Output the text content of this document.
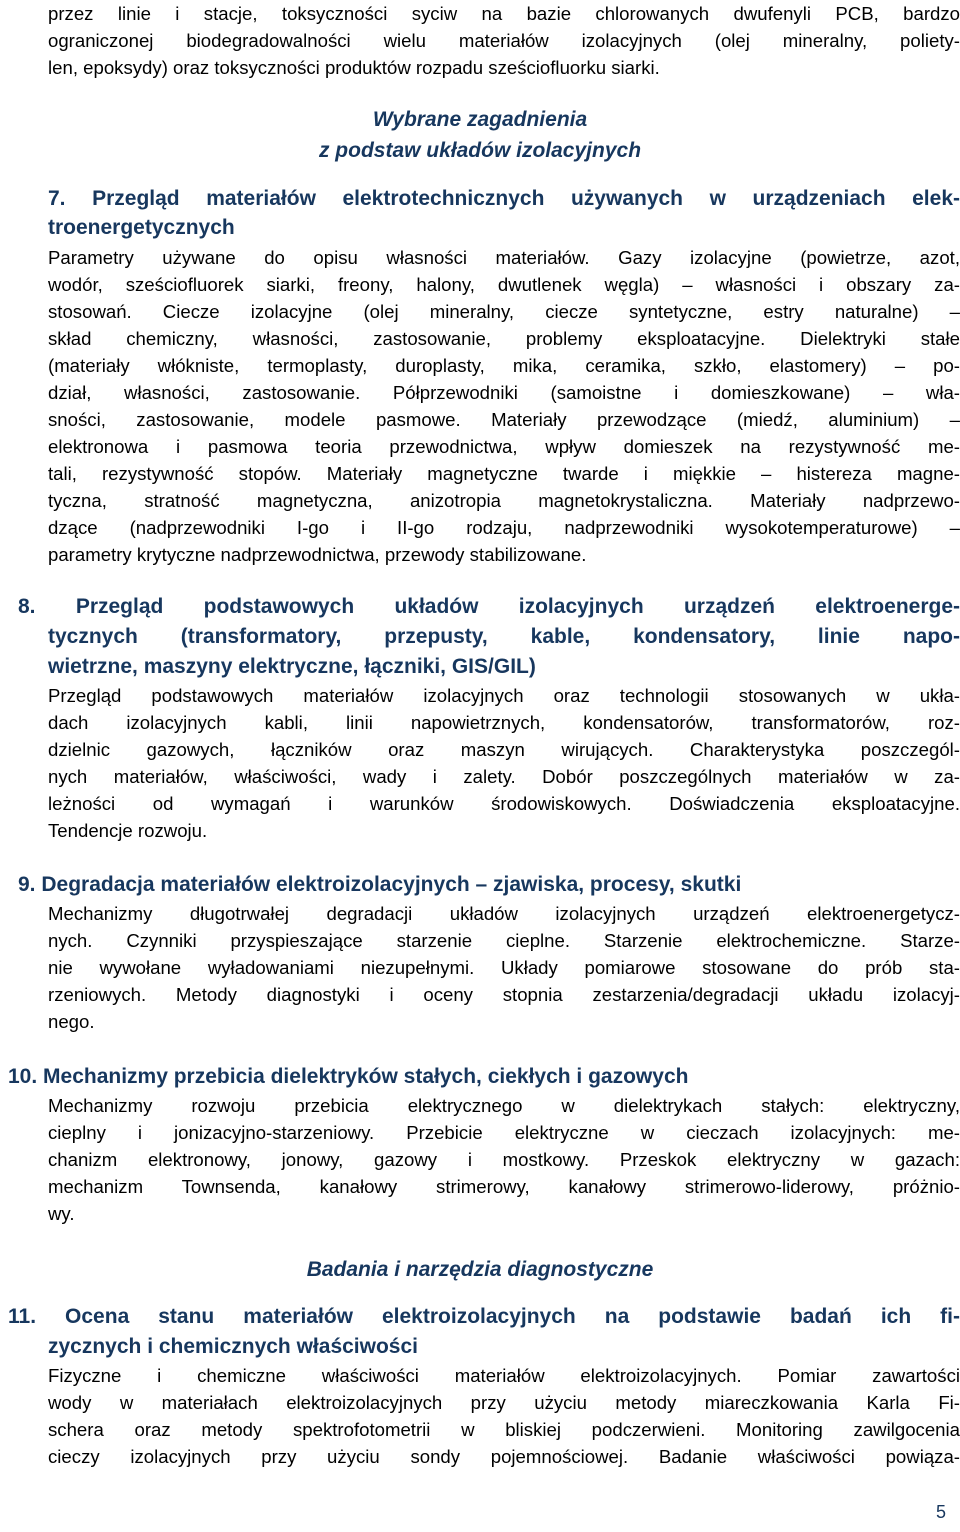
przez linie i stacje, toksyczności syciw na bazie chlorowanych dwufenyli PCB, bardzo
ograniczonej biodegradowalności wielu materiałów izolacyjnych (olej mineralny, poliety-
len, epoksydy) oraz toksyczności produktów rozpadu sześciofluorku siarki.
Wybrane zagadnienia
z podstaw układów izolacyjnych
7. Przegląd materiałów elektrotechnicznych używanych w urządzeniach elek-
troenergetycznych
Parametry używane do opisu własności materiałów. Gazy izolacyjne (powietrze, azot,
wodór, sześciofluorek siarki, freony, halony, dwutlenek węgla) – własności i obszary za-
stosowań. Ciecze izolacyjne (olej mineralny, ciecze syntetyczne, estry naturalne) –
skład chemiczny, własności, zastosowanie, problemy eksploatacyjne. Dielektryki stałe
(materiały włókniste, termoplasty, duroplasty, mika, ceramika, szkło, elastomery) – po-
dział, własności, zastosowanie. Półprzewodniki (samoistne i domieszkowane) – wła-
sności, zastosowanie, modele pasmowe. Materiały przewodzące (miedź, aluminium) –
elektronowa i pasmowa teoria przewodnictwa, wpływ domieszek na rezystywność me-
tali, rezystywność stopów. Materiały magnetyczne twarde i miękkie – histereza magne-
tyczna, stratność magnetyczna, anizotropia magnetokrystaliczna. Materiały nadprzewo-
dzące (nadprzewodniki I-go i II-go rodzaju, nadprzewodniki wysokotemperaturowe) –
parametry krytyczne nadprzewodnictwa, przewody stabilizowane.
8. Przegląd podstawowych układów izolacyjnych urządzeń elektroenerge-
tycznych (transformatory, przepusty, kable, kondensatory, linie napo-
wietrzne, maszyny elektryczne, łączniki, GIS/GIL)
Przegląd podstawowych materiałów izolacyjnych oraz technologii stosowanych w ukła-
dach izolacyjnych kabli, linii napowietrznych, kondensatorów, transformatorów, roz-
dzielnic gazowych, łączników oraz maszyn wirujących. Charakterystyka poszczegól-
nych materiałów, właściwości, wady i zalety. Dobór poszczególnych materiałów w za-
leżności od wymagań i warunków środowiskowych. Doświadczenia eksploatacyjne.
Tendencje rozwoju.
9. Degradacja materiałów elektroizolacyjnych – zjawiska, procesy, skutki
Mechanizmy długotrwałej degradacji układów izolacyjnych urządzeń elektroenergetycz-
nych. Czynniki przyspieszające starzenie cieplne. Starzenie elektrochemiczne. Starze-
nie wywołane wyładowaniami niezupełnymi. Układy pomiarowe stosowane do prób sta-
rzeniowych. Metody diagnostyki i oceny stopnia zestarzenia/degradacji układu izolacyj-
nego.
10. Mechanizmy przebicia dielektryków stałych, ciekłych i gazowych
Mechanizmy rozwoju przebicia elektrycznego w dielektrykach stałych: elektryczny,
cieplny i jonizacyjno-starzeniowy. Przebicie elektryczne w cieczach izolacyjnych: me-
chanizm elektronowy, jonowy, gazowy i mostkowy. Przeskok elektryczny w gazach:
mechanizm Townsenda, kanałowy strimerowy, kanałowy strimerowo-liderowy, próżnio-
wy.
Badania i narzędzia diagnostyczne
11. Ocena stanu materiałów elektroizolacyjnych na podstawie badań ich fi-
zycznych i chemicznych właściwości
Fizyczne i chemiczne właściwości materiałów elektroizolacyjnych. Pomiar zawartości
wody w materiałach elektroizolacyjnych przy użyciu metody miareczkowania Karla Fi-
schera oraz metody spektrofotometrii w bliskiej podczerwieni. Monitoring zawilgocenia
cieczy izolacyjnych przy użyciu sondy pojemnościowej. Badanie właściwości powiąza-
5
